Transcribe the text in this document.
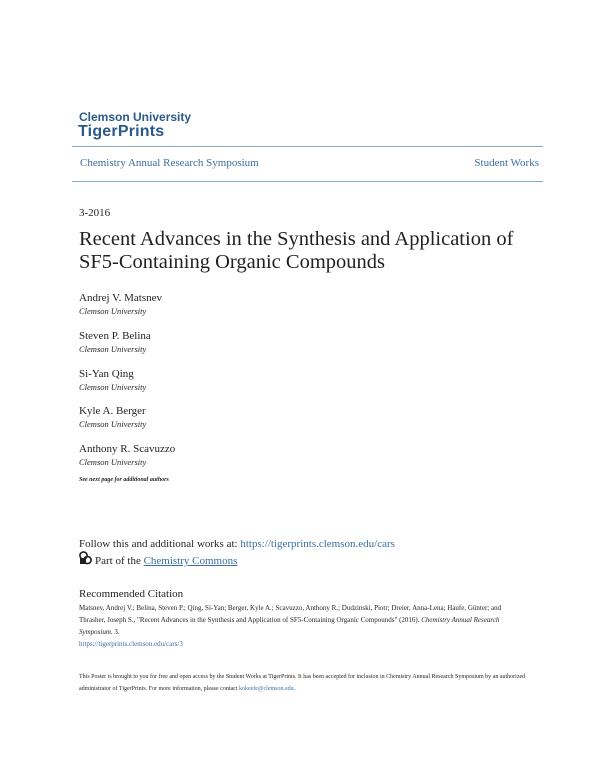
Clemson University
TigerPrints
Chemistry Annual Research Symposium	Student Works
3-2016
Recent Advances in the Synthesis and Application of SF5-Containing Organic Compounds
Andrej V. Matsnev
Clemson University
Steven P. Belina
Clemson University
Si-Yan Qing
Clemson University
Kyle A. Berger
Clemson University
Anthony R. Scavuzzo
Clemson University
See next page for additional authors
Follow this and additional works at: https://tigerprints.clemson.edu/cars
Part of the Chemistry Commons
Recommended Citation
Matsnev, Andrej V.; Belina, Steven P.; Qing, Si-Yan; Berger, Kyle A.; Scavuzzo, Anthony R.; Dudzinski, Piotr; Dreier, Anna-Lena; Haufe, Günter; and Thrasher, Joseph S., "Recent Advances in the Synthesis and Application of SF5-Containing Organic Compounds" (2016). Chemistry Annual Research Symposium. 3.
https://tigerprints.clemson.edu/cars/3
This Poster is brought to you for free and open access by the Student Works at TigerPrints. It has been accepted for inclusion in Chemistry Annual Research Symposium by an authorized administrator of TigerPrints. For more information, please contact kokeefe@clemson.edu.
